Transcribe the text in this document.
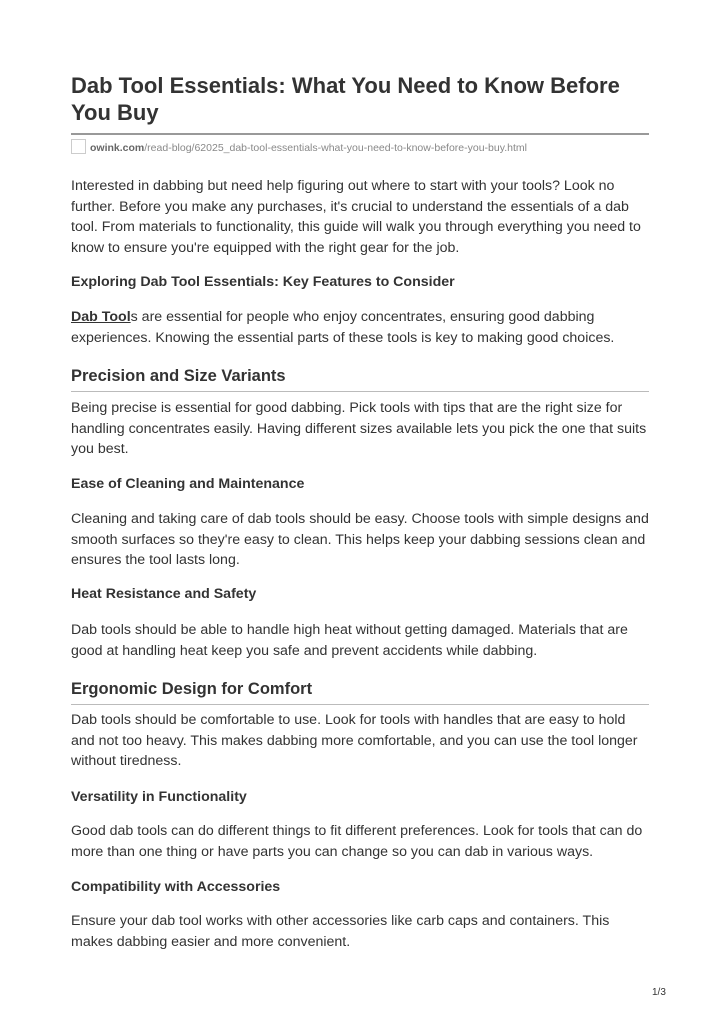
Dab Tool Essentials: What You Need to Know Before You Buy
owink.com/read-blog/62025_dab-tool-essentials-what-you-need-to-know-before-you-buy.html

Interested in dabbing but need help figuring out where to start with your tools? Look no further. Before you make any purchases, it's crucial to understand the essentials of a dab tool. From materials to functionality, this guide will walk you through everything you need to know to ensure you're equipped with the right gear for the job.

Exploring Dab Tool Essentials: Key Features to Consider

Dab Tools are essential for people who enjoy concentrates, ensuring good dabbing experiences. Knowing the essential parts of these tools is key to making good choices.

Precision and Size Variants

Being precise is essential for good dabbing. Pick tools with tips that are the right size for handling concentrates easily. Having different sizes available lets you pick the one that suits you best.

Ease of Cleaning and Maintenance

Cleaning and taking care of dab tools should be easy. Choose tools with simple designs and smooth surfaces so they're easy to clean. This helps keep your dabbing sessions clean and ensures the tool lasts long.

Heat Resistance and Safety

Dab tools should be able to handle high heat without getting damaged. Materials that are good at handling heat keep you safe and prevent accidents while dabbing.

Ergonomic Design for Comfort

Dab tools should be comfortable to use. Look for tools with handles that are easy to hold and not too heavy. This makes dabbing more comfortable, and you can use the tool longer without tiredness.

Versatility in Functionality

Good dab tools can do different things to fit different preferences. Look for tools that can do more than one thing or have parts you can change so you can dab in various ways.

Compatibility with Accessories

Ensure your dab tool works with other accessories like carb caps and containers. This makes dabbing easier and more convenient.

1/3
